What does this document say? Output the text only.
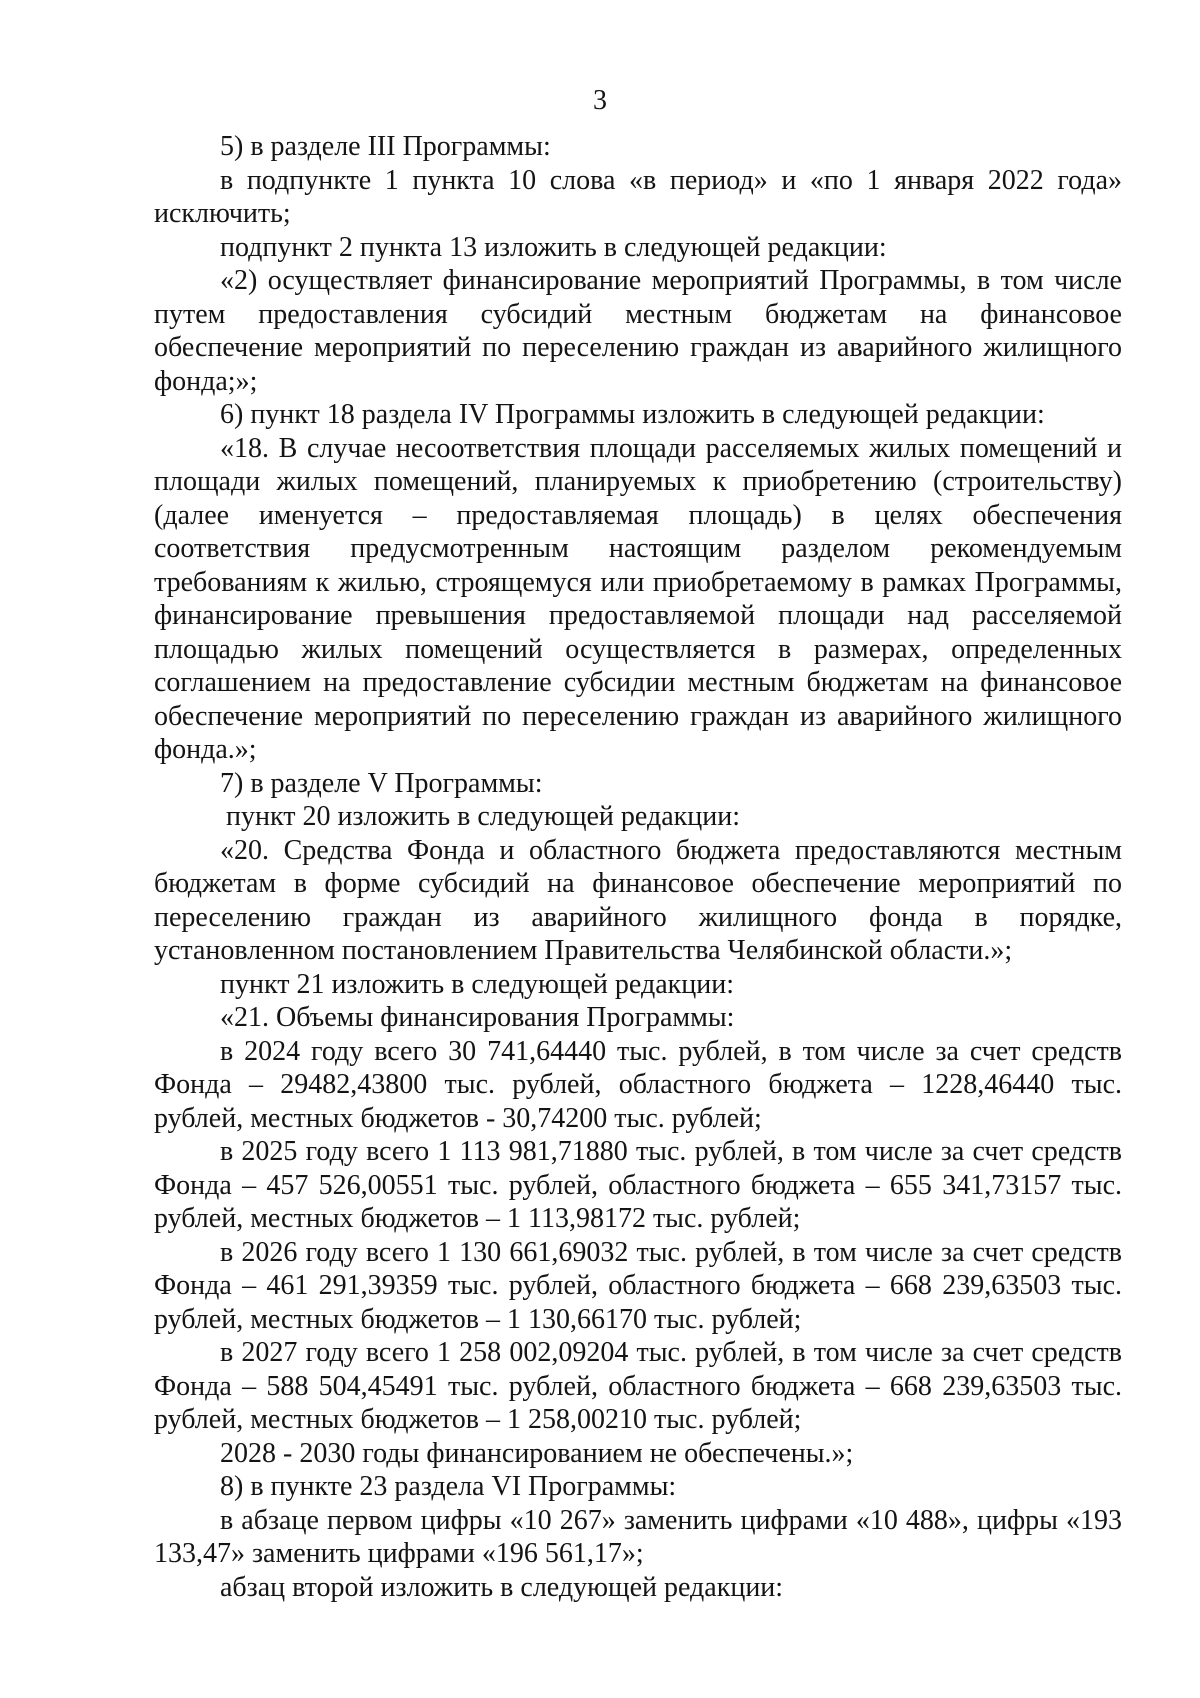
3

5) в разделе III Программы:

в подпункте 1 пункта 10 слова «в период» и «по 1 января 2022 года» исключить;

подпункт 2 пункта 13 изложить в следующей редакции:

«2) осуществляет финансирование мероприятий Программы, в том числе путем предоставления субсидий местным бюджетам на финансовое обеспечение мероприятий по переселению граждан из аварийного жилищного фонда;»;

6) пункт 18 раздела IV Программы изложить в следующей редакции:

«18. В случае несоответствия площади расселяемых жилых помещений и площади жилых помещений, планируемых к приобретению (строительству) (далее именуется – предоставляемая площадь) в целях обеспечения соответствия предусмотренным настоящим разделом рекомендуемым требованиям к жилью, строящемуся или приобретаемому в рамках Программы, финансирование превышения предоставляемой площади над расселяемой площадью жилых помещений осуществляется в размерах, определенных соглашением на предоставление субсидии местным бюджетам на финансовое обеспечение мероприятий по переселению граждан из аварийного жилищного фонда.»;

7) в разделе V Программы:

пункт 20 изложить в следующей редакции:

«20. Средства Фонда и областного бюджета предоставляются местным бюджетам в форме субсидий на финансовое обеспечение мероприятий по переселению граждан из аварийного жилищного фонда в порядке, установленном постановлением Правительства Челябинской области.»;

пункт 21 изложить в следующей редакции:

«21. Объемы финансирования Программы:

в 2024 году всего 30 741,64440 тыс. рублей, в том числе за счет средств Фонда – 29482,43800 тыс. рублей, областного бюджета – 1228,46440 тыс. рублей, местных бюджетов - 30,74200 тыс. рублей;

в 2025 году всего 1 113 981,71880 тыс. рублей, в том числе за счет средств Фонда – 457 526,00551 тыс. рублей, областного бюджета – 655 341,73157 тыс. рублей, местных бюджетов – 1 113,98172 тыс. рублей;

в 2026 году всего 1 130 661,69032 тыс. рублей, в том числе за счет средств Фонда – 461 291,39359 тыс. рублей, областного бюджета – 668 239,63503 тыс. рублей, местных бюджетов – 1 130,66170 тыс. рублей;

в 2027 году всего 1 258 002,09204 тыс. рублей, в том числе за счет средств Фонда – 588 504,45491 тыс. рублей, областного бюджета – 668 239,63503 тыс. рублей, местных бюджетов – 1 258,00210 тыс. рублей;

2028 - 2030 годы финансированием не обеспечены.»;

8) в пункте 23 раздела VI Программы:

в абзаце первом цифры «10 267» заменить цифрами «10 488», цифры «193 133,47» заменить цифрами «196 561,17»;

абзац второй изложить в следующей редакции:
